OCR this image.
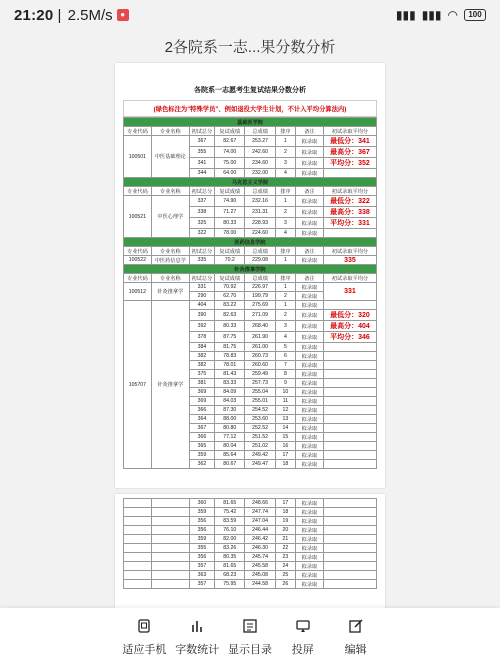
21:20 | 2.5M/s ●	▮▮▮ ▮▮▮ ◠	100
2各院系一志...果分数分析
各院系一志愿考生复试结果分数分析
(绿色标注为"特殊学员"、例如退役大学生计划，不计入平均分算法内)
基础医学院							
专业代码	专业名称	初试总分	复试成绩	总成绩	排序	备注	初试录取平均分
100501	中医基础理论	367	82.67	253.27	1	拟录取	最低分：341
		355	74.00	242.60	2	拟录取	最高分：367
		341	75.00	234.60	3	拟录取	平均分：352
		344	64.00	232.00	4	拟录取	
马克思主义学院							
专业代码	专业名称	初试总分	复试成绩	总成绩	排序	备注	初试录取平均分
100521	中医心理学	337	74.90	232.16	1	拟录取	最低分：322
		338	71.27	231.31	2	拟录取	最高分：338
		325	80.33	228.93	3	拟录取	平均分：331
		322	78.00	224.60	4	拟录取	
医药信息学院							
专业代码	专业名称	初试总分	复试成绩	总成绩	排序	备注	初试录取平均分
100522	中医药信息学	335	70.2	229.08	1	拟录取	335
针灸推拿学院							
专业代码	专业名称	初试总分	复试成绩	总成绩	排序	备注	初试录取平均分
100512	针灸推拿学	331	70.92	226.97	1	拟录取	331
		290	62.70	199.79	2	拟录取	
105707	针灸推拿学	404	83.22	275.69	1	拟录取	
		390	82.63	271.09	2	拟录取	最低分：320
		392	80.33	268.40	3	拟录取	最高分：404
		378	87.75	261.90	4	拟录取	平均分：346
		384	81.75	261.00	5	拟录取	
		382	78.83	260.73	6	拟录取	
		382	78.01	260.60	7	拟录取	
		375	81.43	259.49	8	拟录取	
		381	83.33	257.73	9	拟录取	
		369	84.09	255.04	10	拟录取	
		369	84.03	255.01	11	拟录取	
		366	87.30	254.52	12	拟录取	
		364	88.00	253.60	13	拟录取	
		367	80.80	252.52	14	拟录取	
		366	77.12	251.52	15	拟录取	
		365	80.04	251.02	16	拟录取	
		359	85.64	249.42	17	拟录取	
		362	80.67	249.47	18	拟录取	
		360	81.65	248.66	17	拟录取	
		359	75.42	247.74	18	拟录取	
		356	83.59	247.04	19	拟录取	
		356	76.10	246.44	20	拟录取	
		359	82.00	246.42	21	拟录取	
		355	83.26	246.30	22	拟录取	
		356	80.35	245.74	23	拟录取	
		357	81.65	245.58	24	拟录取	
		363	68.23	245.08	25	拟录取	
		357	75.95	244.58	26	拟录取	
适应手机 字数统计 显示目录 投屏	编辑
